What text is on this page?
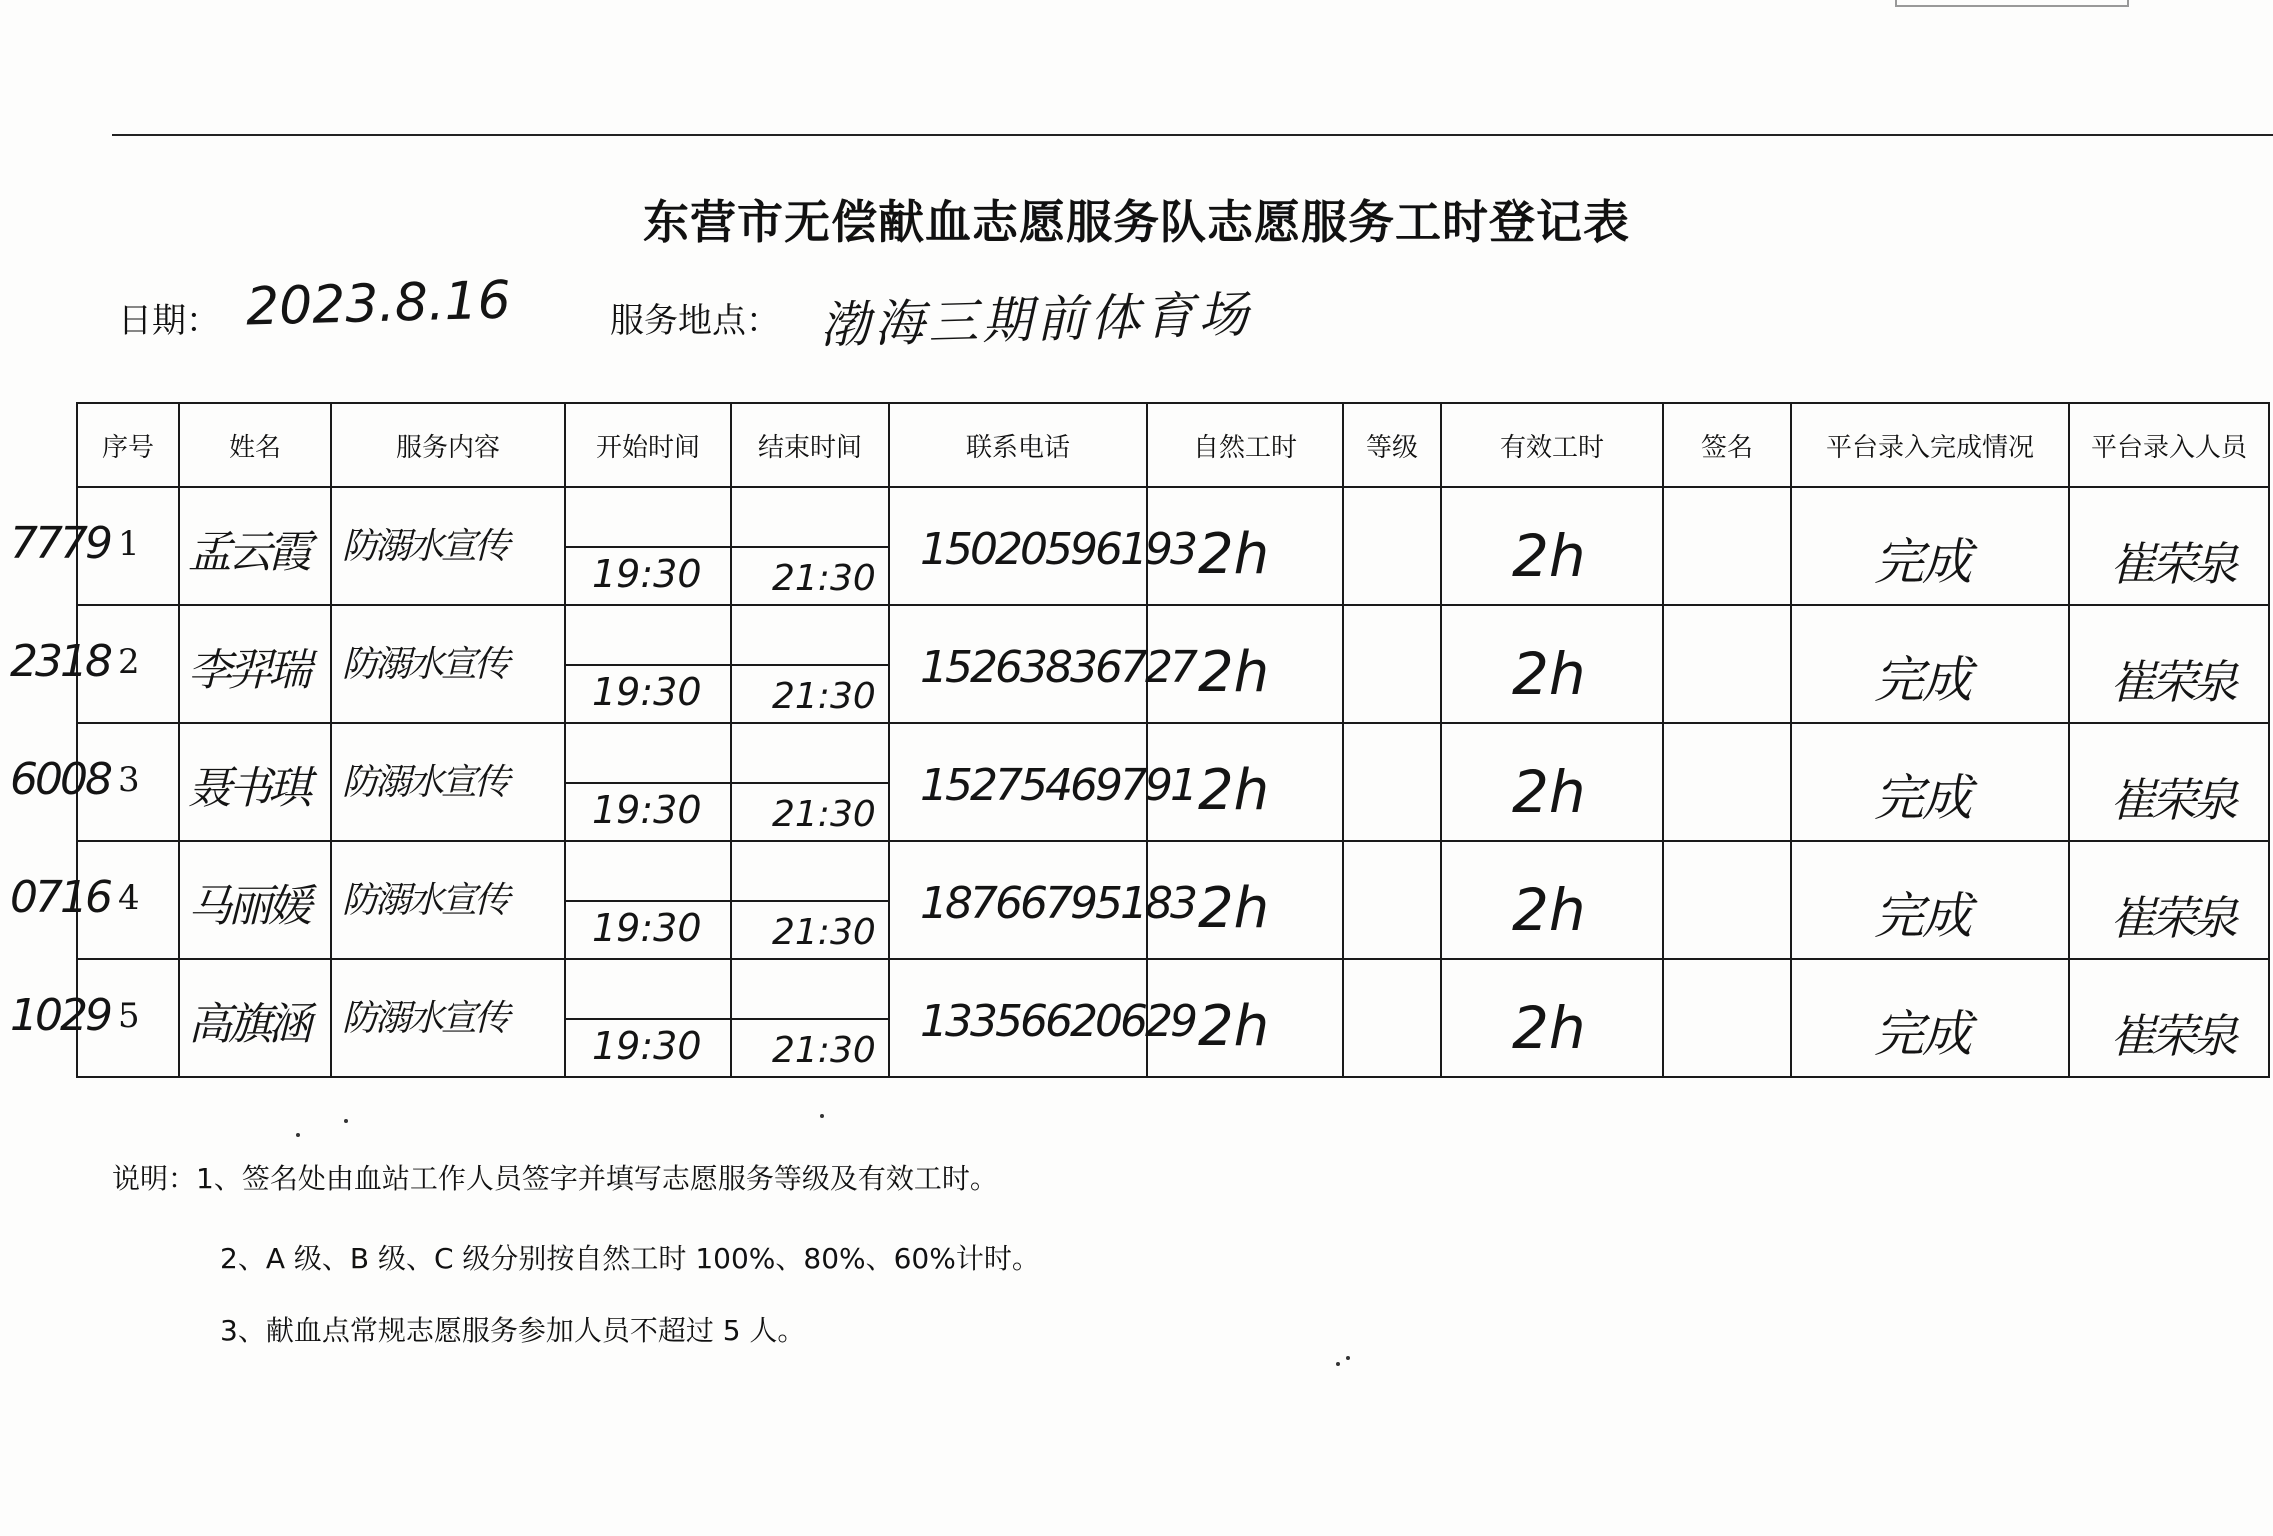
东营市无偿献血志愿服务队志愿服务工时登记表
日期： 2023.8.16	服务地点： 渤海三期前体育场
序号	姓名	服务内容	开始时间	结束时间	联系电话	自然工时	等级	有效工时	签名	平台录入完成情况	平台录入人员

7779 1	孟云霞	防溺水宣传	19:30	21:30	15020596193	2h		2h		完成	崔荣泉

2318 2	李羿瑞	防溺水宣传	19:30	21:30	15263836727	2h		2h		完成	崔荣泉

6008 3	聂书琪	防溺水宣传	19:30	21:30	15275469791	2h		2h		完成	崔荣泉

0716 4	马丽媛	防溺水宣传	19:30	21:30	18766795183	2h		2h		完成	崔荣泉

1029 5	高旗涵	防溺水宣传	19:30	21:30	13356620629	2h		2h		完成	崔荣泉
说明：1、签名处由血站工作人员签字并填写志愿服务等级及有效工时。
2、A 级、B 级、C 级分别按自然工时 100%、80%、60%计时。
3、献血点常规志愿服务参加人员不超过 5 人。
